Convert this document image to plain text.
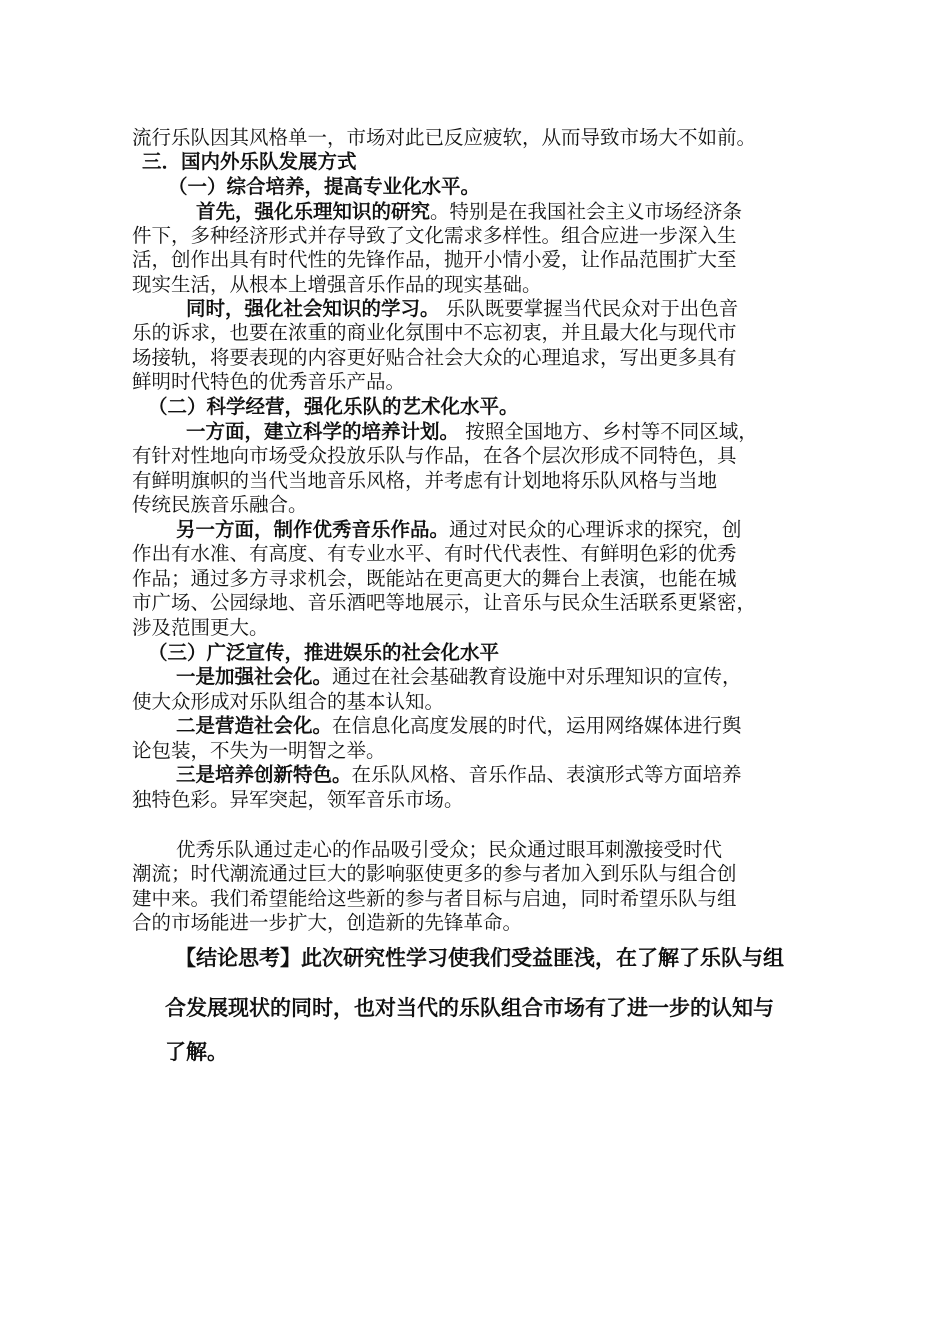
流行乐队因其风格单一，市场对此已反应疲软，从而导致市场大不如前。
三．国内外乐队发展方式
（一）综合培养，提高专业化水平。
首先，强化乐理知识的研究。特别是在我国社会主义市场经济条
件下，多种经济形式并存导致了文化需求多样性。组合应进一步深入生
活，创作出具有时代性的先锋作品，抛开小情小爱，让作品范围扩大至
现实生活，从根本上增强音乐作品的现实基础。
同时，强化社会知识的学习。 乐队既要掌握当代民众对于出色音
乐的诉求，也要在浓重的商业化氛围中不忘初衷，并且最大化与现代市
场接轨，将要表现的内容更好贴合社会大众的心理追求，写出更多具有
鲜明时代特色的优秀音乐产品。
（二）科学经营，强化乐队的艺术化水平。
一方面，建立科学的培养计划。 按照全国地方、乡村等不同区域，
有针对性地向市场受众投放乐队与作品，在各个层次形成不同特色，具
有鲜明旗帜的当代当地音乐风格，并考虑有计划地将乐队风格与当地
传统民族音乐融合。
另一方面，制作优秀音乐作品。通过对民众的心理诉求的探究，创
作出有水准、有高度、有专业水平、有时代代表性、有鲜明色彩的优秀
作品；通过多方寻求机会，既能站在更高更大的舞台上表演，也能在城
市广场、公园绿地、音乐酒吧等地展示，让音乐与民众生活联系更紧密，
涉及范围更大。
（三）广泛宣传，推进娱乐的社会化水平
一是加强社会化。通过在社会基础教育设施中对乐理知识的宣传，
使大众形成对乐队组合的基本认知。
二是营造社会化。在信息化高度发展的时代，运用网络媒体进行舆
论包装，不失为一明智之举。
三是培养创新特色。在乐队风格、音乐作品、表演形式等方面培养
独特色彩。异军突起，领军音乐市场。
优秀乐队通过走心的作品吸引受众；民众通过眼耳刺激接受时代
潮流；时代潮流通过巨大的影响驱使更多的参与者加入到乐队与组合创
建中来。我们希望能给这些新的参与者目标与启迪，同时希望乐队与组
合的市场能进一步扩大，创造新的先锋革命。
【结论思考】此次研究性学习使我们受益匪浅，在了解了乐队与组
合发展现状的同时，也对当代的乐队组合市场有了进一步的认知与
了解。
